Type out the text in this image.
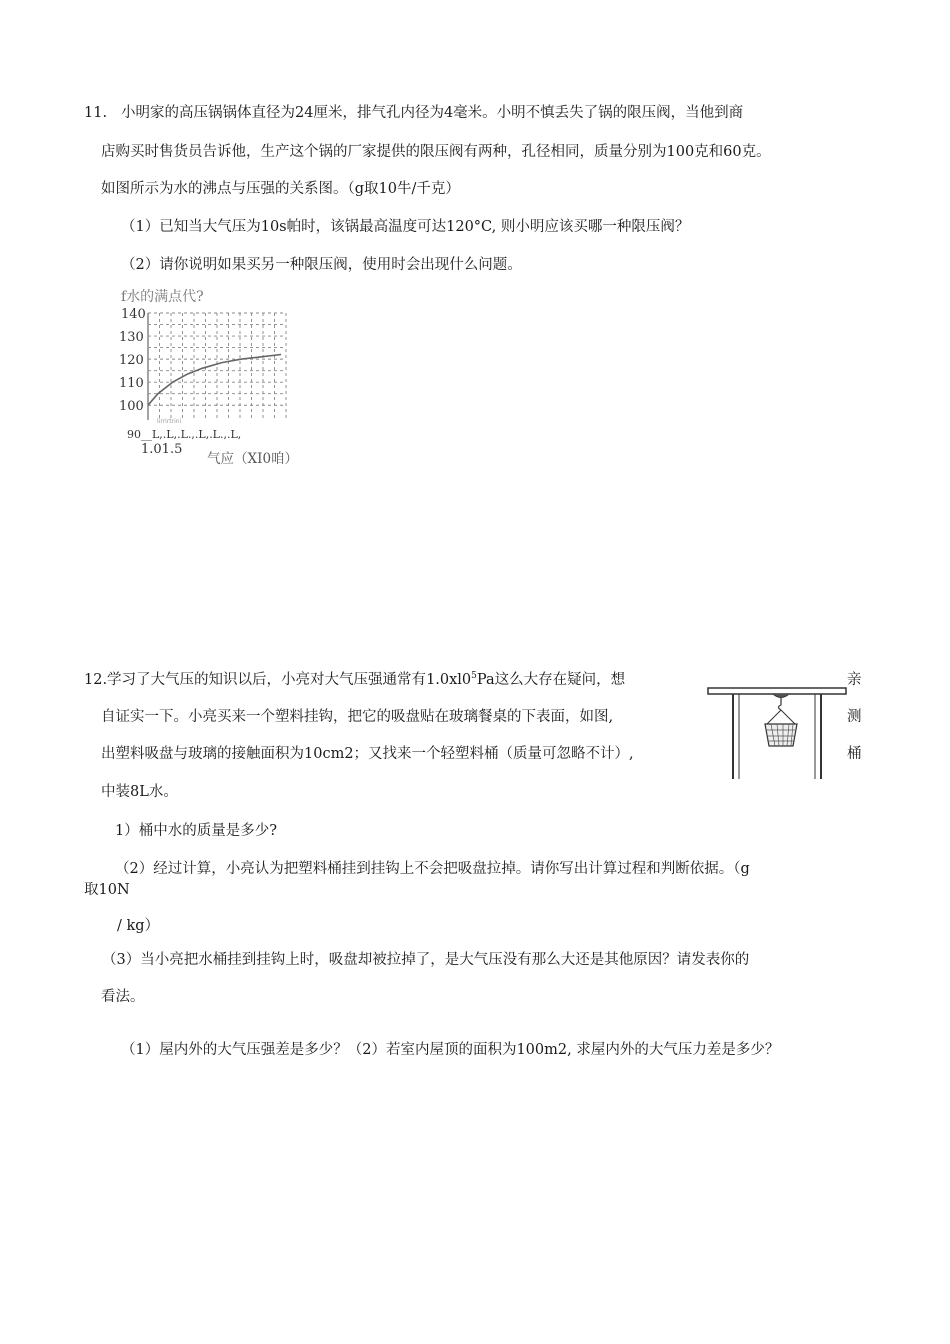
11. 小明家的高压锅锅体直径为24厘米，排气孔内径为4毫米。小明不慎丢失了锅的限压阀，当他到商
店购买时售货员告诉他，生产这个锅的厂家提供的限压阀有两种，孔径相同，质量分别为100克和60克。
如图所示为水的沸点与压强的关系图。（g取10牛/千克）
（1）已知当大气压为10s帕时，该锅最高温度可达120°C, 则小明应该买哪一种限压阀？
（2）请你说明如果买另一种限压阀，使用时会出现什么问题。
f水的满点代?
140
130
120
110
100
lirrirtrini
90__L,.L,.L.,.L,.L.,.L,
1.01.5
气应（XI0咱）
12.学习了大气压的知识以后，小亮对大气压强通常有$1.0xl0^5Pa$这么大存在疑问，想	亲
自证实一下。小亮买来一个塑料挂钩，把它的吸盘贴在玻璃餐桌的下表面，如图,	测
出塑料吸盘与玻璃的接触面积为10cm2；又找来一个轻塑料桶（质量可忽略不计）,	桶
中装8L水。
1）桶中水的质量是多少?
（2）经过计算，小亮认为把塑料桶挂到挂钩上不会把吸盘拉掉。请你写出计算过程和判断依据。（g
取10N
/ kg）
（3）当小亮把水桶挂到挂钩上时，吸盘却被拉掉了，是大气压没有那么大还是其他原因？请发表你的
看法。
（1）屋内外的大气压强差是多少？（2）若室内屋顶的面积为100m2, 求屋内外的大气压力差是多少？
